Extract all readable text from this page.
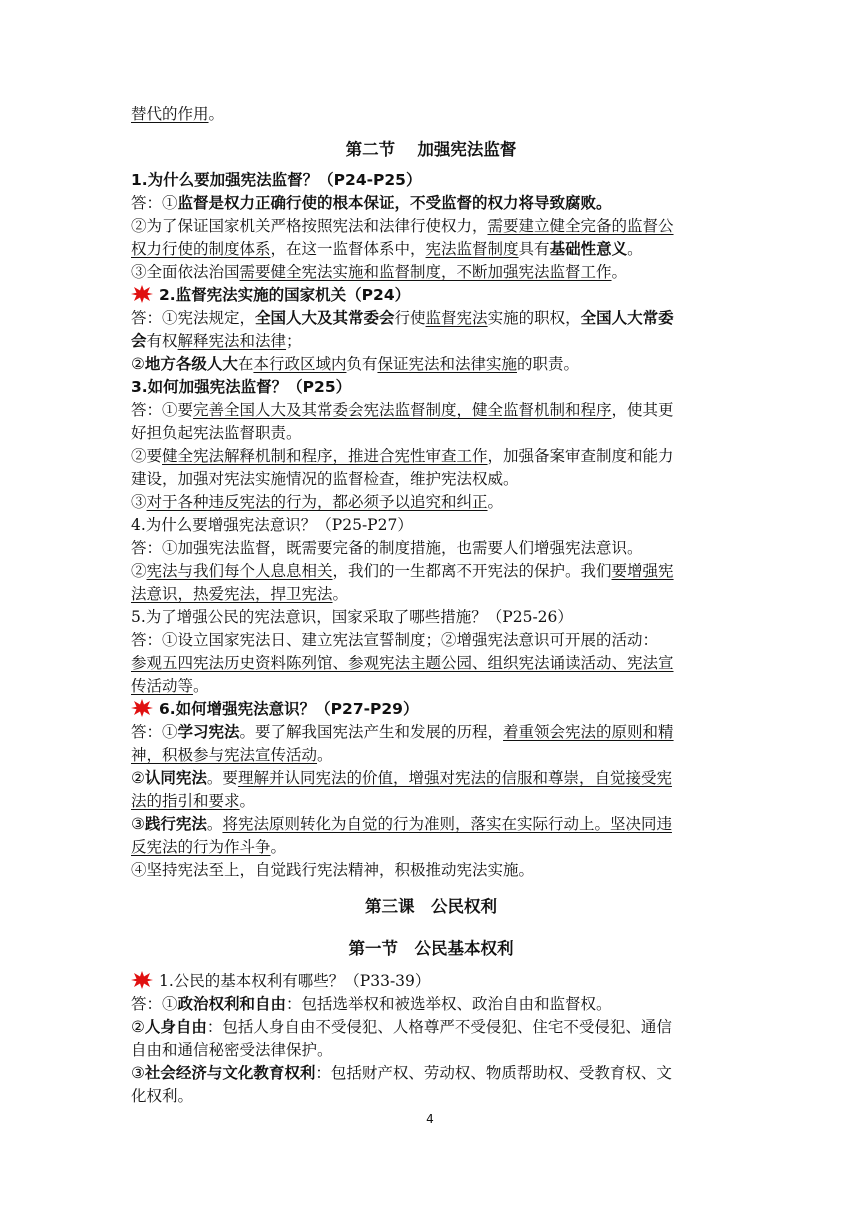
替代的作用。
第二节　 加强宪法监督
1.为什么要加强宪法监督？（P24-P25）
答：①监督是权力正确行使的根本保证，不受监督的权力将导致腐败。
②为了保证国家机关严格按照宪法和法律行使权力，需要建立健全完备的监督公
权力行使的制度体系，在这一监督体系中，宪法监督制度具有基础性意义。
③全面依法治国需要健全宪法实施和监督制度，不断加强宪法监督工作。
2.监督宪法实施的国家机关（P24）
答：①宪法规定，全国人大及其常委会行使监督宪法实施的职权，全国人大常委
会有权解释宪法和法律；
②地方各级人大在本行政区域内负有保证宪法和法律实施的职责。
3.如何加强宪法监督？（P25）
答：①要完善全国人大及其常委会宪法监督制度，健全监督机制和程序，使其更
好担负起宪法监督职责。
②要健全宪法解释机制和程序，推进合宪性审查工作，加强备案审查制度和能力
建设，加强对宪法实施情况的监督检查，维护宪法权威。
③对于各种违反宪法的行为，都必须予以追究和纠正。
4.为什么要增强宪法意识？（P25-P27）
答：①加强宪法监督，既需要完备的制度措施，也需要人们增强宪法意识。
②宪法与我们每个人息息相关，我们的一生都离不开宪法的保护。我们要增强宪
法意识，热爱宪法，捍卫宪法。
5.为了增强公民的宪法意识，国家采取了哪些措施？（P25-26）
答：①设立国家宪法日、建立宪法宣誓制度；②增强宪法意识可开展的活动：
参观五四宪法历史资料陈列馆、参观宪法主题公园、组织宪法诵读活动、宪法宣
传活动等。
6.如何增强宪法意识？（P27-P29）
答：①学习宪法。要了解我国宪法产生和发展的历程，着重领会宪法的原则和精
神，积极参与宪法宣传活动。
②认同宪法。要理解并认同宪法的价值，增强对宪法的信服和尊崇，自觉接受宪
法的指引和要求。
③践行宪法。将宪法原则转化为自觉的行为准则，落实在实际行动上。坚决同违
反宪法的行为作斗争。
④坚持宪法至上，自觉践行宪法精神，积极推动宪法实施。
第三课　公民权利
第一节　公民基本权利
1.公民的基本权利有哪些？（P33-39）
答：①政治权利和自由：包括选举权和被选举权、政治自由和监督权。
②人身自由：包括人身自由不受侵犯、人格尊严不受侵犯、住宅不受侵犯、通信
自由和通信秘密受法律保护。
③社会经济与文化教育权利：包括财产权、劳动权、物质帮助权、受教育权、文
化权利。
4
